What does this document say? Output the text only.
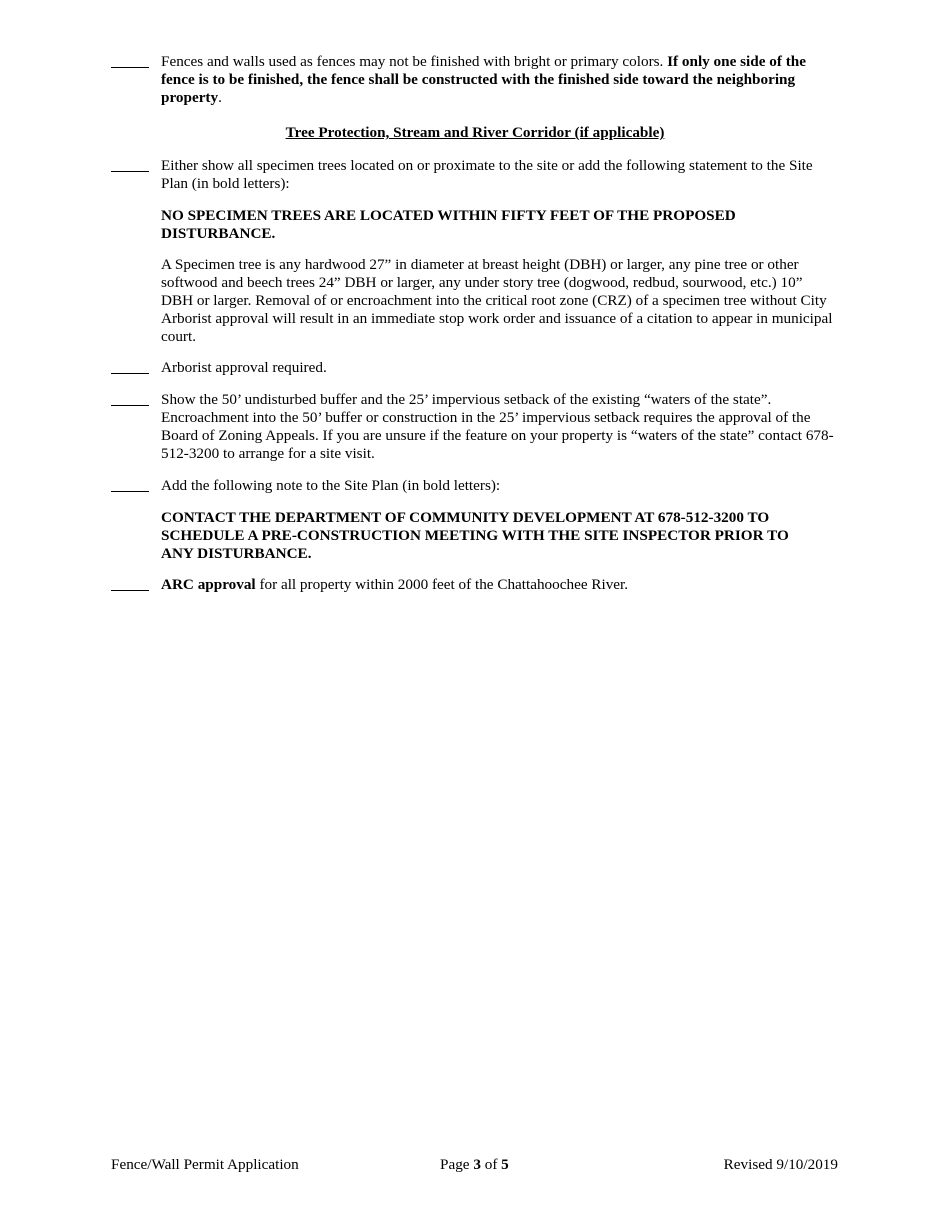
Fences and walls used as fences may not be finished with bright or primary colors. If only one side of the fence is to be finished, the fence shall be constructed with the finished side toward the neighboring property.
Tree Protection, Stream and River Corridor (if applicable)
Either show all specimen trees located on or proximate to the site or add the following statement to the Site Plan (in bold letters):
NO SPECIMEN TREES ARE LOCATED WITHIN FIFTY FEET OF THE PROPOSED DISTURBANCE.
A Specimen tree is any hardwood 27” in diameter at breast height (DBH) or larger, any pine tree or other softwood and beech trees 24” DBH or larger, any under story tree (dogwood, redbud, sourwood, etc.) 10” DBH or larger. Removal of or encroachment into the critical root zone (CRZ) of a specimen tree without City Arborist approval will result in an immediate stop work order and issuance of a citation to appear in municipal court.
Arborist approval required.
Show the 50’ undisturbed buffer and the 25’ impervious setback of the existing “waters of the state”. Encroachment into the 50’ buffer or construction in the 25’ impervious setback requires the approval of the Board of Zoning Appeals. If you are unsure if the feature on your property is “waters of the state” contact 678-512-3200 to arrange for a site visit.
Add the following note to the Site Plan (in bold letters):
CONTACT THE DEPARTMENT OF COMMUNITY DEVELOPMENT AT 678-512-3200 TO SCHEDULE A PRE-CONSTRUCTION MEETING WITH THE SITE INSPECTOR PRIOR TO ANY DISTURBANCE.
ARC approval for all property within 2000 feet of the Chattahoochee River.
Fence/Wall Permit Application	Page 3 of 5	Revised 9/10/2019
